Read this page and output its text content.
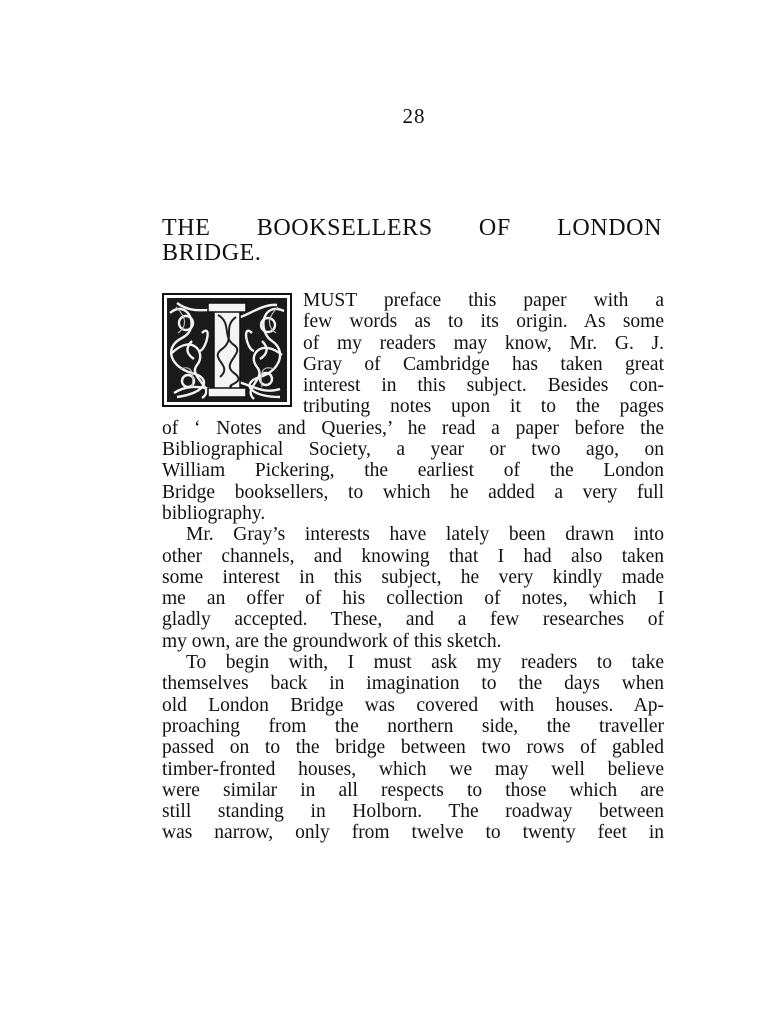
28
THE BOOKSELLERS OF LONDON
BRIDGE.
MUST preface this paper with a
few words as to its origin. As some
of my readers may know, Mr. G. J.
Gray of Cambridge has taken great
interest in this subject. Besides con-
tributing notes upon it to the pages
of ‘ Notes and Queries,’ he read a paper before the
Bibliographical Society, a year or two ago, on
William Pickering, the earliest of the London
Bridge booksellers, to which he added a very full
bibliography.
Mr. Gray’s interests have lately been drawn into
other channels, and knowing that I had also taken
some interest in this subject, he very kindly made
me an offer of his collection of notes, which I
gladly accepted. These, and a few researches of
my own, are the groundwork of this sketch.
To begin with, I must ask my readers to take
themselves back in imagination to the days when
old London Bridge was covered with houses. Ap-
proaching from the northern side, the traveller
passed on to the bridge between two rows of gabled
timber-fronted houses, which we may well believe
were similar in all respects to those which are
still standing in Holborn. The roadway between
was narrow, only from twelve to twenty feet in
